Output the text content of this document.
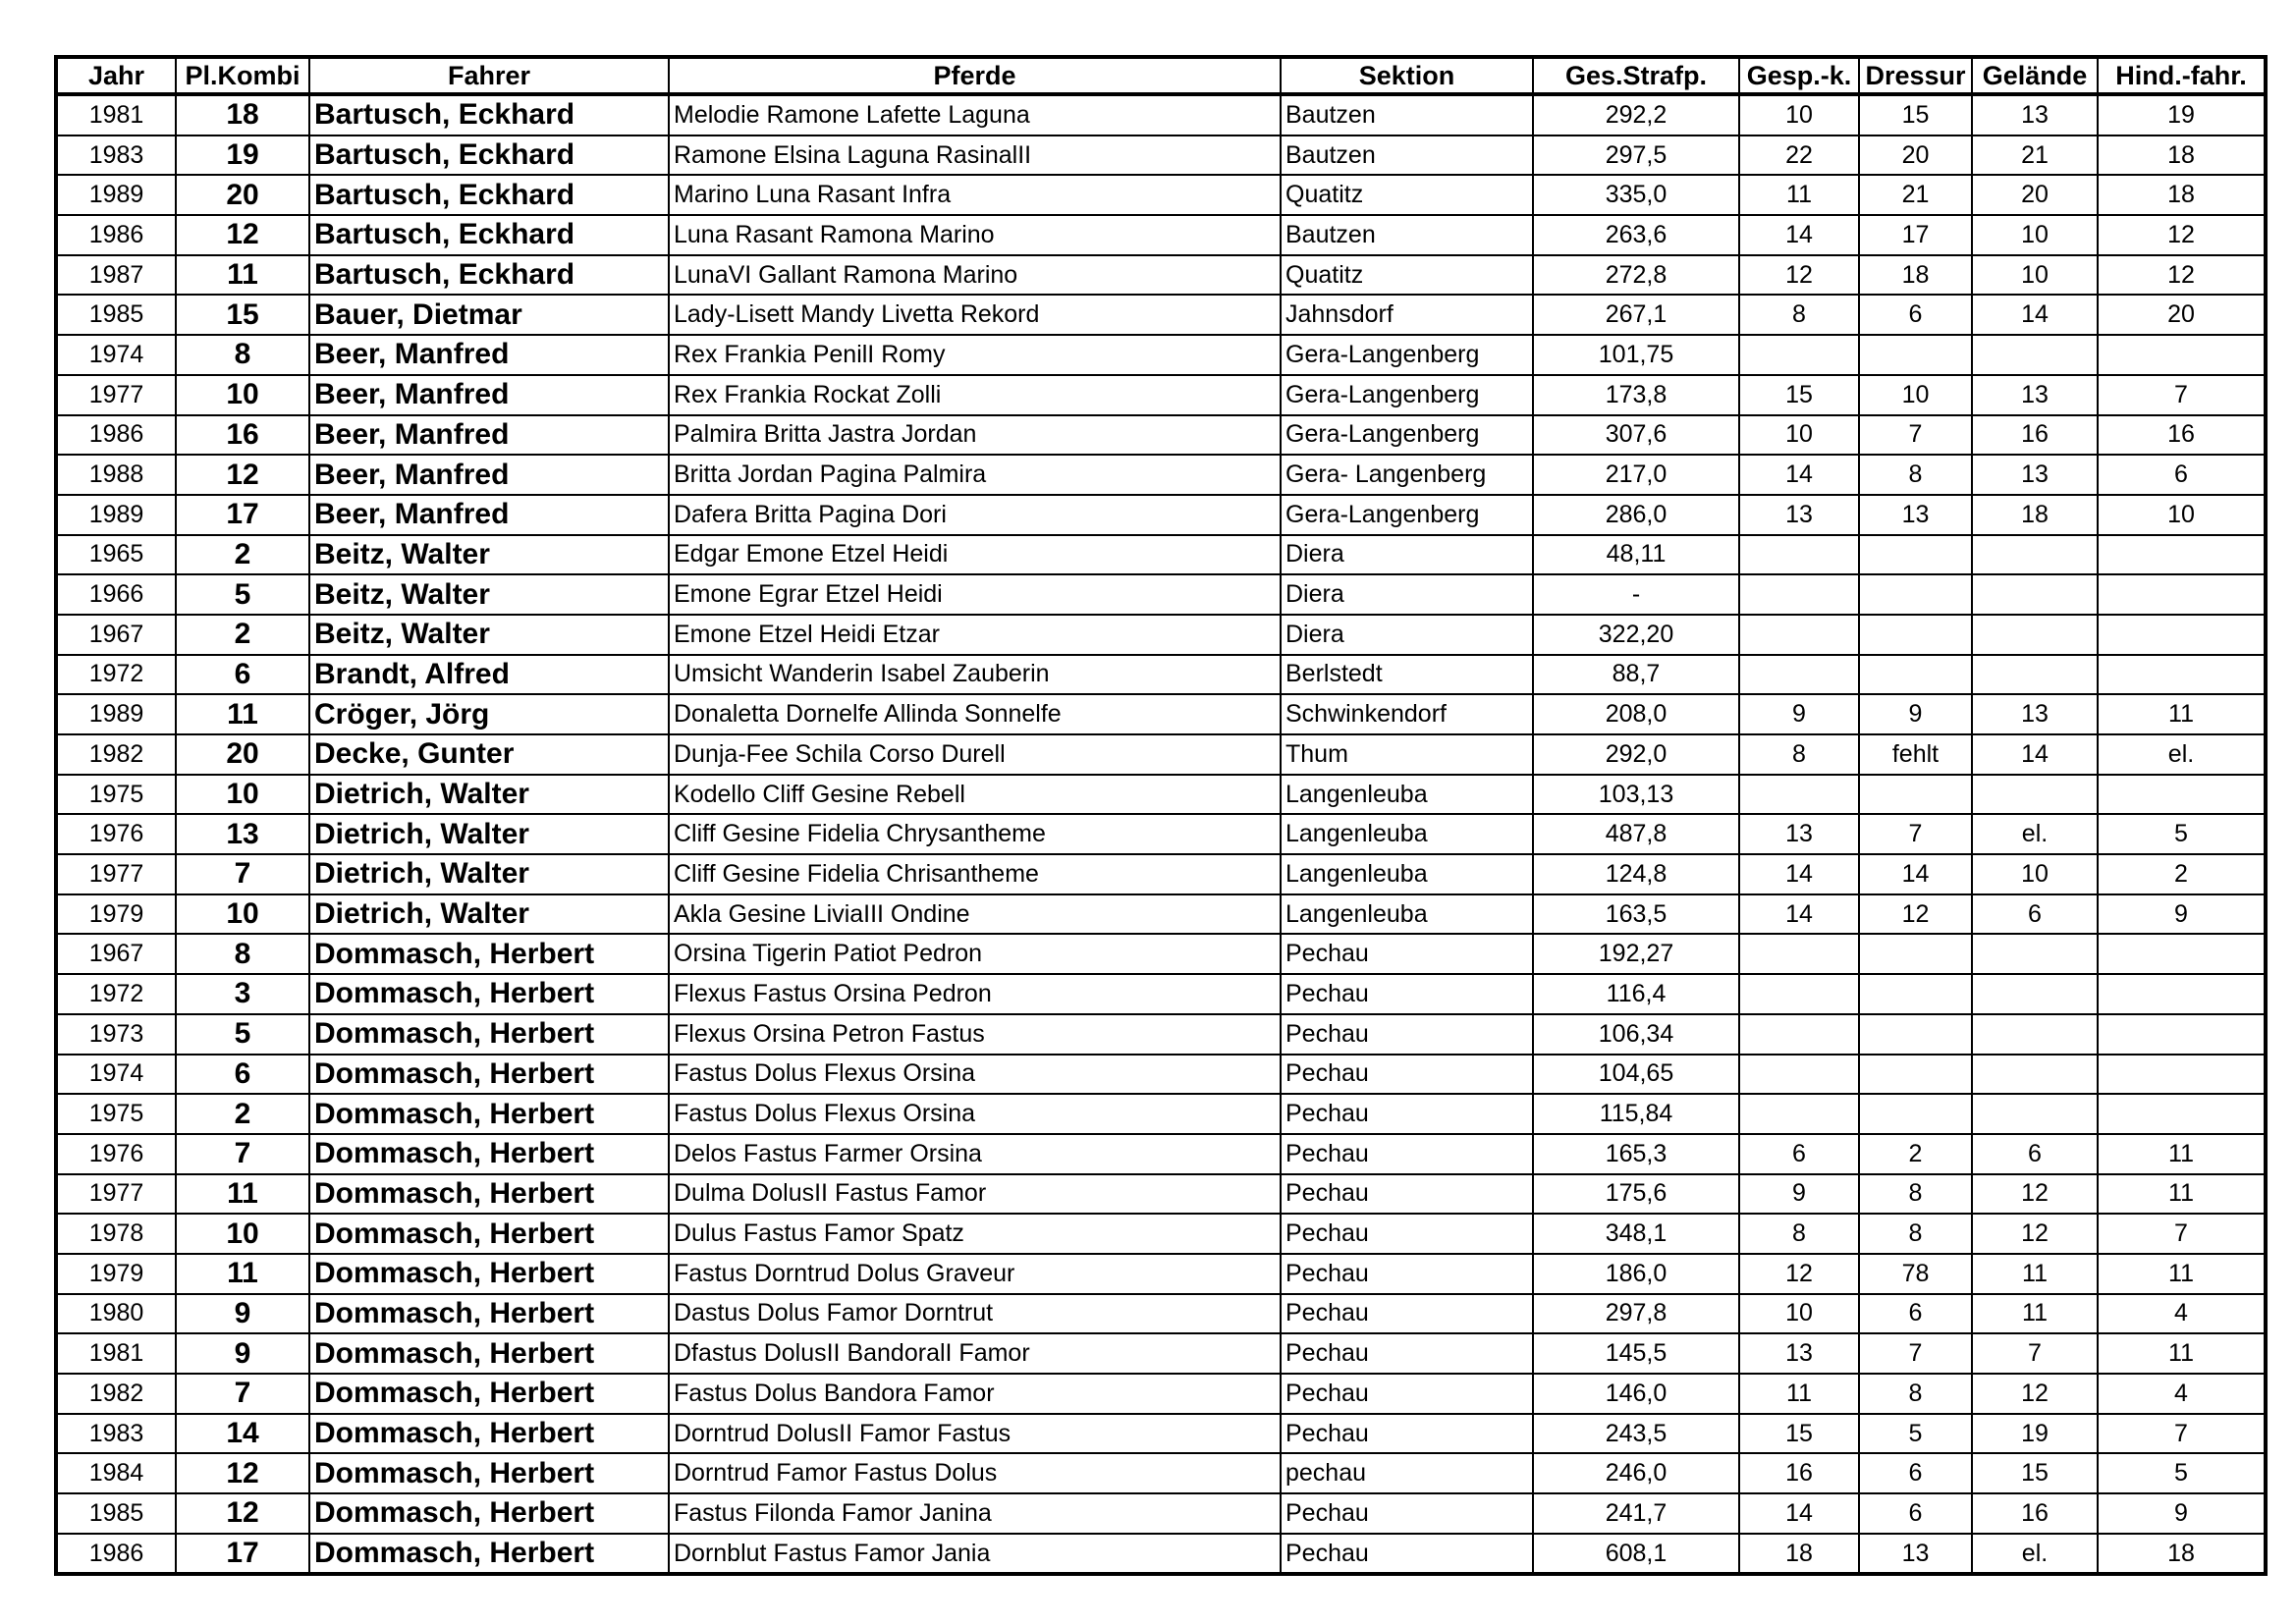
Jahr	Pl.Kombi	Fahrer	Pferde	Sektion	Ges.Strafp.	Gesp.-k.	Dressur	Gelände	Hind.-fahr.
1981	18	Bartusch, Eckhard	Melodie Ramone Lafette Laguna	Bautzen	292,2	10	15	13	19
1983	19	Bartusch, Eckhard	Ramone Elsina Laguna RasinalII	Bautzen	297,5	22	20	21	18
1989	20	Bartusch, Eckhard	Marino Luna Rasant Infra	Quatitz	335,0	11	21	20	18
1986	12	Bartusch, Eckhard	Luna Rasant Ramona Marino	Bautzen	263,6	14	17	10	12
1987	11	Bartusch, Eckhard	LunaVI Gallant Ramona Marino	Quatitz	272,8	12	18	10	12
1985	15	Bauer, Dietmar	Lady-Lisett Mandy Livetta Rekord	Jahnsdorf	267,1	8	6	14	20
1974	8	Beer, Manfred	Rex Frankia PenilI Romy	Gera-Langenberg	101,75				
1977	10	Beer, Manfred	Rex Frankia Rockat Zolli	Gera-Langenberg	173,8	15	10	13	7
1986	16	Beer, Manfred	Palmira Britta Jastra Jordan	Gera-Langenberg	307,6	10	7	16	16
1988	12	Beer, Manfred	Britta Jordan Pagina Palmira	Gera- Langenberg	217,0	14	8	13	6
1989	17	Beer, Manfred	Dafera Britta Pagina Dori	Gera-Langenberg	286,0	13	13	18	10
1965	2	Beitz, Walter	Edgar Emone Etzel Heidi	Diera	48,11				
1966	5	Beitz, Walter	Emone Egrar Etzel Heidi	Diera	-				
1967	2	Beitz, Walter	Emone Etzel Heidi Etzar	Diera	322,20				
1972	6	Brandt, Alfred	Umsicht Wanderin Isabel Zauberin	Berlstedt	88,7				
1989	11	Cröger, Jörg	Donaletta Dornelfe Allinda Sonnelfe	Schwinkendorf	208,0	9	9	13	11
1982	20	Decke, Gunter	Dunja-Fee Schila Corso Durell	Thum	292,0	8	fehlt	14	el.
1975	10	Dietrich, Walter	Kodello Cliff Gesine Rebell	Langenleuba	103,13				
1976	13	Dietrich, Walter	Cliff Gesine Fidelia Chrysantheme	Langenleuba	487,8	13	7	el.	5
1977	7	Dietrich, Walter	Cliff Gesine Fidelia Chrisantheme	Langenleuba	124,8	14	14	10	2
1979	10	Dietrich, Walter	Akla Gesine LiviaIII Ondine	Langenleuba	163,5	14	12	6	9
1967	8	Dommasch, Herbert	Orsina Tigerin Patiot Pedron	Pechau	192,27				
1972	3	Dommasch, Herbert	Flexus Fastus Orsina Pedron	Pechau	116,4				
1973	5	Dommasch, Herbert	Flexus Orsina Petron Fastus	Pechau	106,34				
1974	6	Dommasch, Herbert	Fastus Dolus Flexus Orsina	Pechau	104,65				
1975	2	Dommasch, Herbert	Fastus Dolus Flexus Orsina	Pechau	115,84				
1976	7	Dommasch, Herbert	Delos Fastus Farmer Orsina	Pechau	165,3	6	2	6	11
1977	11	Dommasch, Herbert	Dulma DolusII Fastus Famor	Pechau	175,6	9	8	12	11
1978	10	Dommasch, Herbert	Dulus Fastus Famor Spatz	Pechau	348,1	8	8	12	7
1979	11	Dommasch, Herbert	Fastus Dorntrud Dolus Graveur	Pechau	186,0	12	78	11	11
1980	9	Dommasch, Herbert	Dastus Dolus Famor Dorntrut	Pechau	297,8	10	6	11	4
1981	9	Dommasch, Herbert	Dfastus DolusII BandoralI Famor	Pechau	145,5	13	7	7	11
1982	7	Dommasch, Herbert	Fastus Dolus Bandora Famor	Pechau	146,0	11	8	12	4
1983	14	Dommasch, Herbert	Dorntrud DolusII Famor Fastus	Pechau	243,5	15	5	19	7
1984	12	Dommasch, Herbert	Dorntrud Famor Fastus Dolus	pechau	246,0	16	6	15	5
1985	12	Dommasch, Herbert	Fastus Filonda Famor Janina	Pechau	241,7	14	6	16	9
1986	17	Dommasch, Herbert	Dornblut Fastus Famor Jania	Pechau	608,1	18	13	el.	18
